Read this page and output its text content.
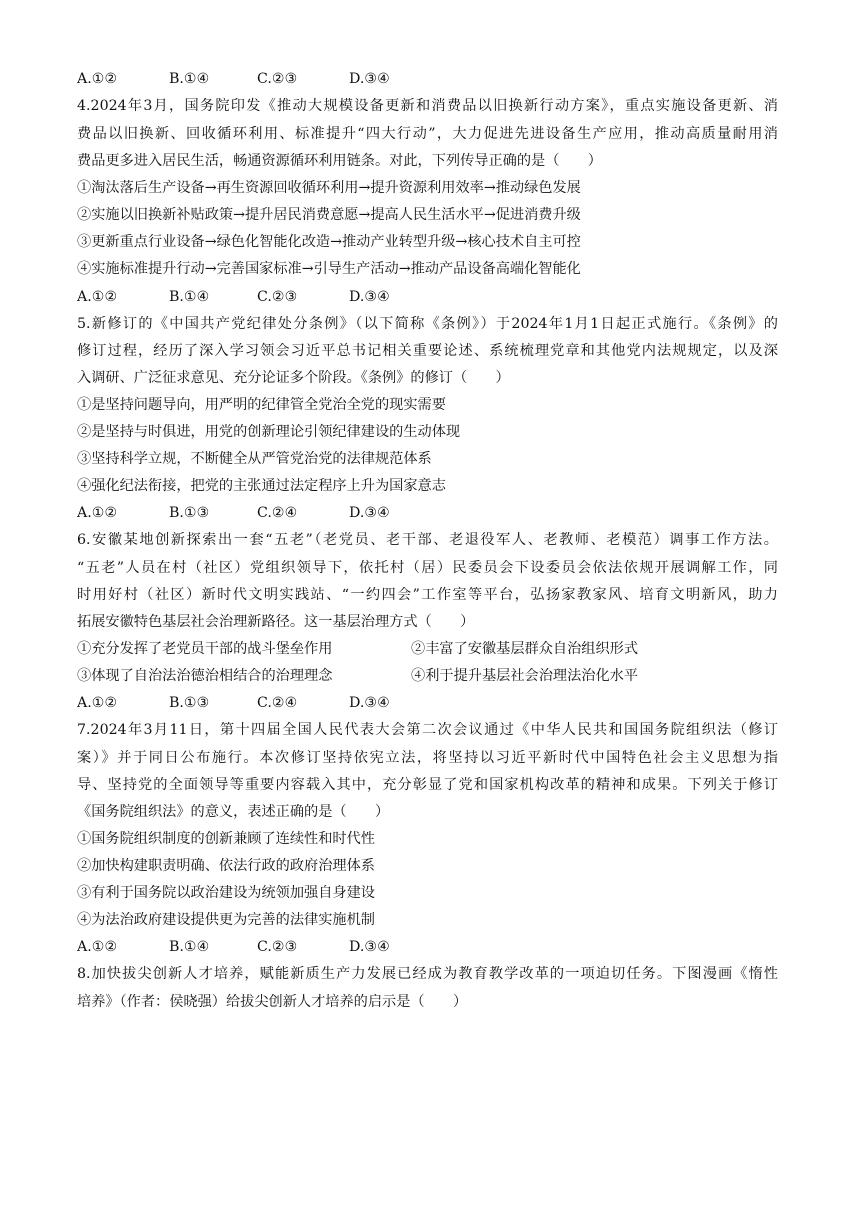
A.①②	B.①④	C.②③	D.③④
4.2024年3月，国务院印发《推动大规模设备更新和消费品以旧换新行动方案》，重点实施设备更新、消
费品以旧换新、回收循环利用、标准提升“四大行动”，大力促进先进设备生产应用，推动高质量耐用消
费品更多进入居民生活，畅通资源循环利用链条。对此，下列传导正确的是（　　）
①淘汰落后生产设备→再生资源回收循环利用→提升资源利用效率→推动绿色发展
②实施以旧换新补贴政策→提升居民消费意愿→提高人民生活水平→促进消费升级
③更新重点行业设备→绿色化智能化改造→推动产业转型升级→核心技术自主可控
④实施标准提升行动→完善国家标准→引导生产活动→推动产品设备高端化智能化
A.①②	B.①④	C.②③	D.③④
5.新修订的《中国共产党纪律处分条例》（以下简称《条例》）于2024年1月1日起正式施行。《条例》的
修订过程，经历了深入学习领会习近平总书记相关重要论述、系统梳理党章和其他党内法规规定，以及深
入调研、广泛征求意见、充分论证多个阶段。《条例》的修订（　　）
①是坚持问题导向，用严明的纪律管全党治全党的现实需要
②是坚持与时俱进，用党的创新理论引领纪律建设的生动体现
③坚持科学立规，不断健全从严管党治党的法律规范体系
④强化纪法衔接，把党的主张通过法定程序上升为国家意志
A.①②	B.①③	C.②④	D.③④
6.安徽某地创新探索出一套“五老”（老党员、老干部、老退役军人、老教师、老模范）调事工作方法。
“五老”人员在村（社区）党组织领导下，依托村（居）民委员会下设委员会依法依规开展调解工作，同
时用好村（社区）新时代文明实践站、“一约四会”工作室等平台，弘扬家教家风、培育文明新风，助力
拓展安徽特色基层社会治理新路径。这一基层治理方式（　　）
①充分发挥了老党员干部的战斗堡垒作用	②丰富了安徽基层群众自治组织形式
③体现了自治法治德治相结合的治理理念	④利于提升基层社会治理法治化水平
A.①②	B.①③	C.②④	D.③④
7.2024年3月11日，第十四届全国人民代表大会第二次会议通过《中华人民共和国国务院组织法（修订
案）》并于同日公布施行。本次修订坚持依宪立法，将坚持以习近平新时代中国特色社会主义思想为指
导、坚持党的全面领导等重要内容载入其中，充分彰显了党和国家机构改革的精神和成果。下列关于修订
《国务院组织法》的意义，表述正确的是（　　）
①国务院组织制度的创新兼顾了连续性和时代性
②加快构建职责明确、依法行政的政府治理体系
③有利于国务院以政治建设为统领加强自身建设
④为法治政府建设提供更为完善的法律实施机制
A.①②	B.①④	C.②③	D.③④
8.加快拔尖创新人才培养，赋能新质生产力发展已经成为教育教学改革的一项迫切任务。下图漫画《惰性
培养》（作者：侯晓强）给拔尖创新人才培养的启示是（　　）
